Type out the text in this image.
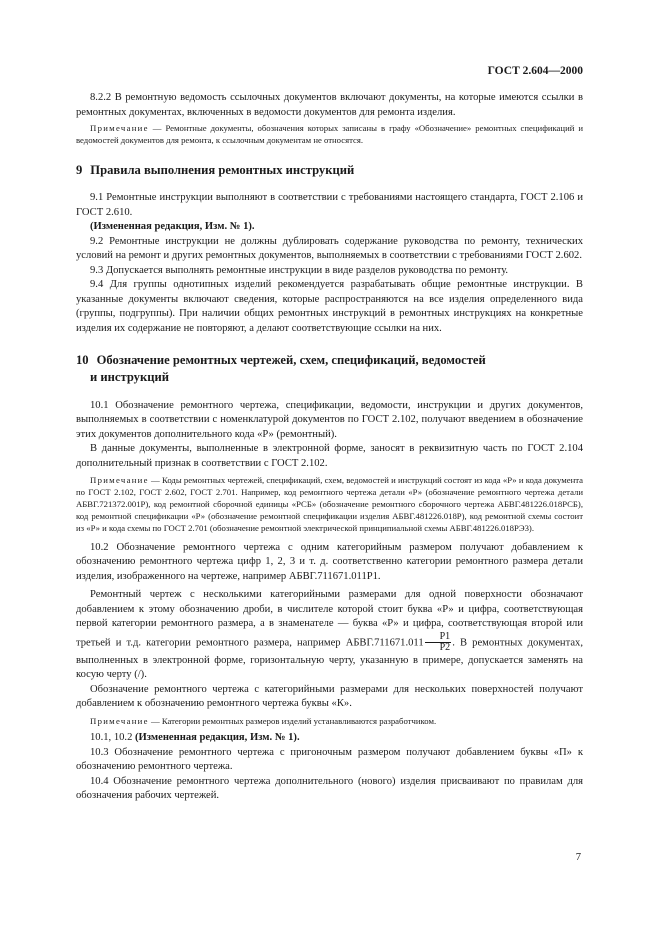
ГОСТ 2.604—2000

8.2.2 В ремонтную ведомость ссылочных документов включают документы, на которые имеются ссылки в ремонтных документах, включенных в ведомости документов для ремонта изделия.

Примечание — Ремонтные документы, обозначения которых записаны в графу «Обозначение» ремонтных спецификаций и ведомостей документов для ремонта, к ссылочным документам не относятся.

9 Правила выполнения ремонтных инструкций

9.1 Ремонтные инструкции выполняют в соответствии с требованиями настоящего стандарта, ГОСТ 2.106 и ГОСТ 2.610.

(Измененная редакция, Изм. № 1).

9.2 Ремонтные инструкции не должны дублировать содержание руководства по ремонту, технических условий на ремонт и других ремонтных документов, выполняемых в соответствии с требованиями ГОСТ 2.602.

9.3 Допускается выполнять ремонтные инструкции в виде разделов руководства по ремонту.

9.4 Для группы однотипных изделий рекомендуется разрабатывать общие ремонтные инструкции. В указанные документы включают сведения, которые распространяются на все изделия определенного вида (группы, подгруппы). При наличии общих ремонтных инструкций в ремонтных инструкциях на конкретные изделия их содержание не повторяют, а делают соответствующие ссылки на них.

10 Обозначение ремонтных чертежей, схем, спецификаций, ведомостей
и инструкций

10.1 Обозначение ремонтного чертежа, спецификации, ведомости, инструкции и других документов, выполняемых в соответствии с номенклатурой документов по ГОСТ 2.102, получают введением в обозначение этих документов дополнительного кода «Р» (ремонтный).

В данные документы, выполненные в электронной форме, заносят в реквизитную часть по ГОСТ 2.104 дополнительный признак в соответствии с ГОСТ 2.102.

Примечание — Коды ремонтных чертежей, спецификаций, схем, ведомостей и инструкций состоят из кода «Р» и кода документа по ГОСТ 2.102, ГОСТ 2.602, ГОСТ 2.701. Например, код ремонтного чертежа детали «Р» (обозначение ремонтного чертежа детали АБВГ.721372.001Р), код ремонтной сборочной единицы «РСБ» (обозначение ремонтного сборочного чертежа АБВГ.481226.018РСБ), код ремонтной спецификации «Р» (обозначение ремонтной спецификации изделия АБВГ.481226.018Р), код ремонтной схемы состоит из «Р» и кода схемы по ГОСТ 2.701 (обозначение ремонтной электрической принципиальной схемы АБВГ.481226.018РЭ3).

10.2 Обозначение ремонтного чертежа с одним категорийным размером получают добавлением к обозначению ремонтного чертежа цифр 1, 2, 3 и т. д. соответственно категории ремонтного размера детали изделия, изображенного на чертеже, например АБВГ.711671.011Р1.

Ремонтный чертеж с несколькими категорийными размерами для одной поверхности обозначают добавлением к этому обозначению дроби, в числителе которой стоит буква «Р» и цифра, соответствующая первой категории ремонтного размера, а в знаменателе — буква «Р» и цифра, соответствующая второй или третьей и т.д. категории ремонтного размера, например АБВГ.711671.011 $\frac{Р1}{Р2}$ . В ремонтных документах, выполненных в электронной форме, горизонтальную черту, указанную в примере, допускается заменять на косую черту (/).

Обозначение ремонтного чертежа с категорийными размерами для нескольких поверхностей получают добавлением к обозначению ремонтного чертежа буквы «К».

Примечание — Категории ремонтных размеров изделий устанавливаются разработчиком.

10.1, 10.2 (Измененная редакция, Изм. № 1).

10.3 Обозначение ремонтного чертежа с пригоночным размером получают добавлением буквы «П» к обозначению ремонтного чертежа.

10.4 Обозначение ремонтного чертежа дополнительного (нового) изделия присваивают по правилам для обозначения рабочих чертежей.

7
